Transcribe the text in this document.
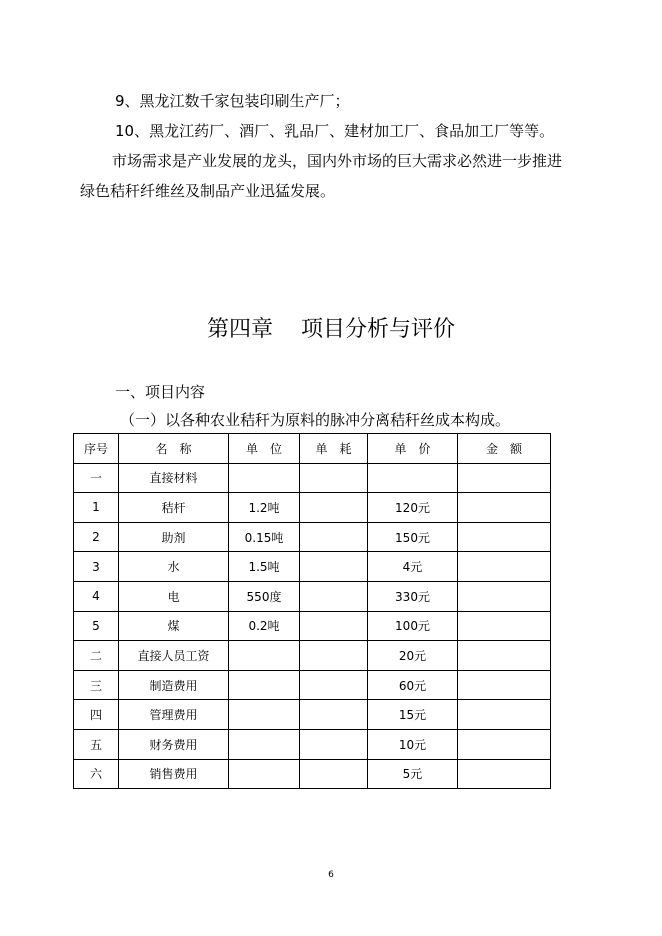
9、黑龙江数千家包装印刷生产厂；
10、黑龙江药厂、酒厂、乳品厂、建材加工厂、食品加工厂等等。
市场需求是产业发展的龙头，国内外市场的巨大需求必然进一步推进
绿色秸秆纤维丝及制品产业迅猛发展。
第四章    项目分析与评价
一、项目内容
（一）以各种农业秸秆为原料的脉冲分离秸秆丝成本构成。
序号	名　称	单　位	单　耗	单　价	金　额
一	直接材料				
1	秸杆	1.2吨		120元	
2	助剂	0.15吨		150元	
3	水	1.5吨		4元	
4	电	550度		330元	
5	煤	0.2吨		100元	
二	直接人员工资			20元	
三	制造费用			60元	
四	管理费用			15元	
五	财务费用			10元	
六	销售费用			5元	
6
